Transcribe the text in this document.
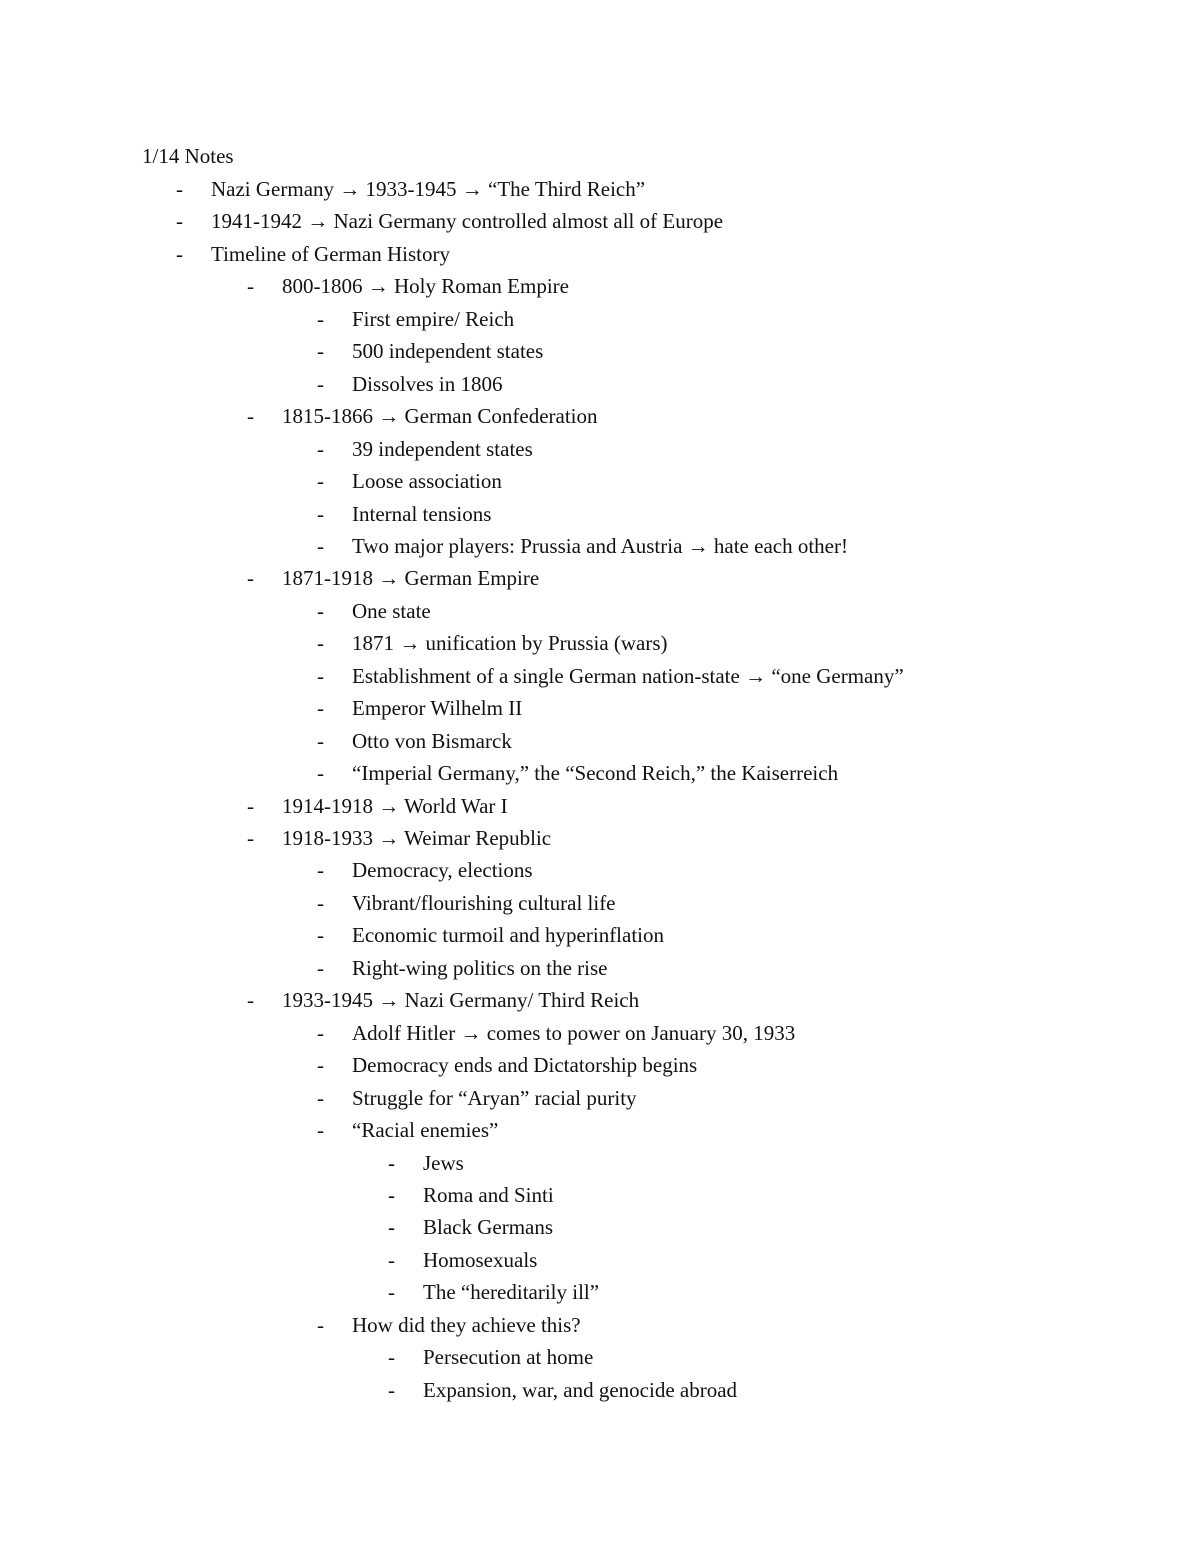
1/14 Notes
- Nazi Germany → 1933-1945 → “The Third Reich”
- 1941-1942 → Nazi Germany controlled almost all of Europe
- Timeline of German History
- 800-1806 → Holy Roman Empire
- First empire/ Reich
- 500 independent states
- Dissolves in 1806
- 1815-1866 → German Confederation
- 39 independent states
- Loose association
- Internal tensions
- Two major players: Prussia and Austria → hate each other!
- 1871-1918 → German Empire
- One state
- 1871 → unification by Prussia (wars)
- Establishment of a single German nation-state → “one Germany”
- Emperor Wilhelm II
- Otto von Bismarck
- “Imperial Germany,” the “Second Reich,” the Kaiserreich
- 1914-1918 → World War I
- 1918-1933 → Weimar Republic
- Democracy, elections
- Vibrant/flourishing cultural life
- Economic turmoil and hyperinflation
- Right-wing politics on the rise
- 1933-1945 → Nazi Germany/ Third Reich
- Adolf Hitler → comes to power on January 30, 1933
- Democracy ends and Dictatorship begins
- Struggle for “Aryan” racial purity
- “Racial enemies”
- Jews
- Roma and Sinti
- Black Germans
- Homosexuals
- The “hereditarily ill”
- How did they achieve this?
- Persecution at home
- Expansion, war, and genocide abroad
